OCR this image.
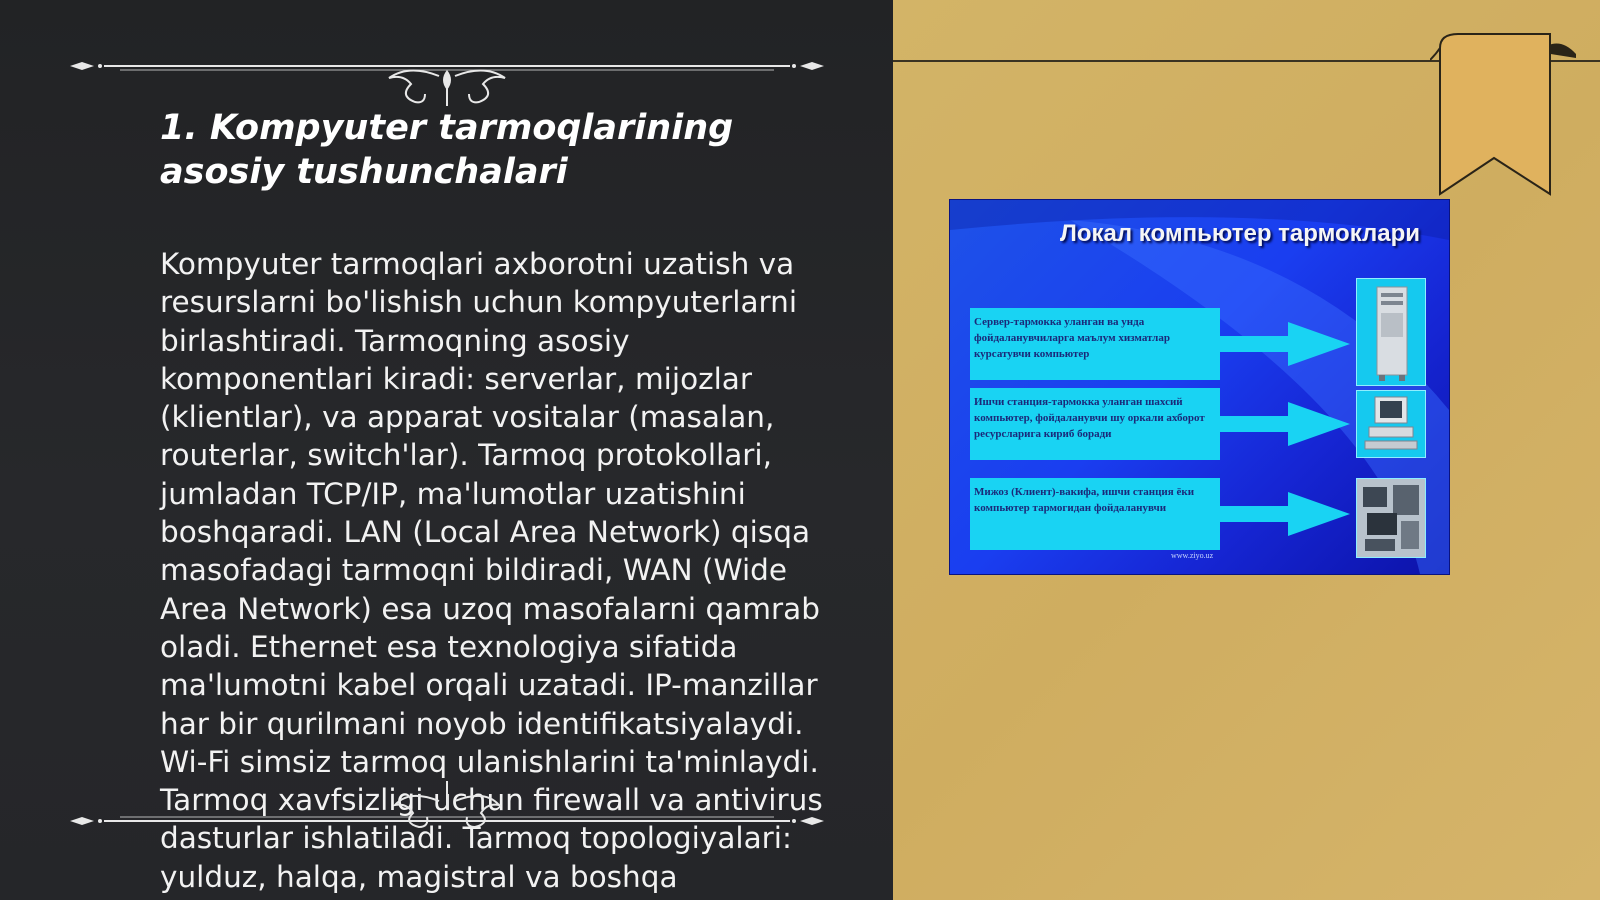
1. Kompyuter tarmoqlarining asosiy tushunchalari

Kompyuter tarmoqlari axborotni uzatish va resurslarni bo'lishish uchun kompyuterlarni birlashtiradi. Tarmoqning asosiy komponentlari kiradi: serverlar, mijozlar (klientlar), va apparat vositalar (masalan, routerlar, switch'lar). Tarmoq protokollari, jumladan TCP/IP, ma'lumotlar uzatishini boshqaradi. LAN (Local Area Network) qisqa masofadagi tarmoqni bildiradi, WAN (Wide Area Network) esa uzoq masofalarni qamrab oladi. Ethernet esa texnologiya sifatida ma'lumotni kabel orqali uzatadi. IP-manzillar har bir qurilmani noyob identifikatsiyalaydi. Wi-Fi simsiz tarmoq ulanishlarini ta'minlaydi. Tarmoq xavfsizligi uchun firewall va antivirus dasturlar ishlatiladi. Tarmoq topologiyalari: yulduz, halqa, magistral va boshqa

Локал компьютер тармоклари
Сервер-тармокка уланган ва унда фойдаланувчиларга маълум хизматлар курсатувчи компьютер
Ишчи станция-тармокка уланган шахсий компьютер, фойдаланувчи шу оркали ахборот ресурсларига кириб боради
Мижоз (Клиент)-вакифа, ишчи станция ёки компьютер тармогидан фойдаланувчи
www.ziyo.uz
